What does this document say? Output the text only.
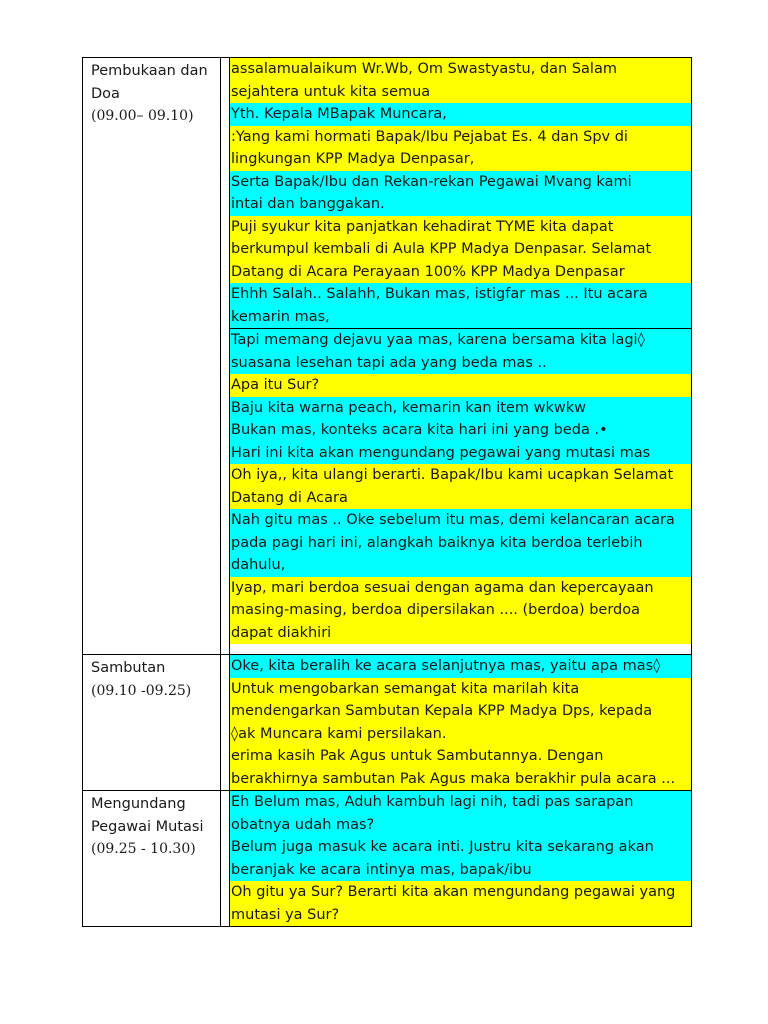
Pembukaan dan
Doa
(09.00– 09.10)
assalamualaikum Wr.Wb, Om Swastyastu, dan Salam
sejahtera untuk kita semua
Yth. Kepala MBapak Muncara,
:Yang kami hormati Bapak/Ibu Pejabat Es. 4 dan Spv di
lingkungan KPP Madya Denpasar,
Serta Bapak/Ibu dan Rekan-rekan Pegawai Mvang kami
intai dan banggakan.
Puji syukur kita panjatkan kehadirat TYME kita dapat
berkumpul kembali di Aula KPP Madya Denpasar. Selamat
Datang di Acara Perayaan 100% KPP Madya Denpasar
Ehhh Salah.. Salahh, Bukan mas, istigfar mas ... Itu acara
kemarin mas,
Tapi memang dejavu yaa mas, karena bersama kita lagi◊
suasana lesehan tapi ada yang beda mas ..
Apa itu Sur?
Baju kita warna peach, kemarin kan item wkwkw
Bukan mas, konteks acara kita hari ini yang beda .•
Hari ini kita akan mengundang pegawai yang mutasi mas
Oh iya,, kita ulangi berarti. Bapak/Ibu kami ucapkan Selamat
Datang di Acara
Nah gitu mas .. Oke sebelum itu mas, demi kelancaran acara
pada pagi hari ini, alangkah baiknya kita berdoa terlebih
dahulu,
Iyap, mari berdoa sesuai dengan agama dan kepercayaan
masing-masing, berdoa dipersilakan .... (berdoa) berdoa
dapat diakhiri
Sambutan
(09.10 -09.25)
Oke, kita beralih ke acara selanjutnya mas, yaitu apa mas◊
Untuk mengobarkan semangat kita marilah kita
mendengarkan Sambutan Kepala KPP Madya Dps, kepada
◊ak Muncara kami persilakan.
erima kasih Pak Agus untuk Sambutannya. Dengan
berakhirnya sambutan Pak Agus maka berakhir pula acara ...
Mengundang
Pegawai Mutasi
(09.25 - 10.30)
Eh Belum mas, Aduh kambuh lagi nih, tadi pas sarapan
obatnya udah mas?
Belum juga masuk ke acara inti. Justru kita sekarang akan
beranjak ke acara intinya mas, bapak/ibu
Oh gitu ya Sur? Berarti kita akan mengundang pegawai yang
mutasi ya Sur?
